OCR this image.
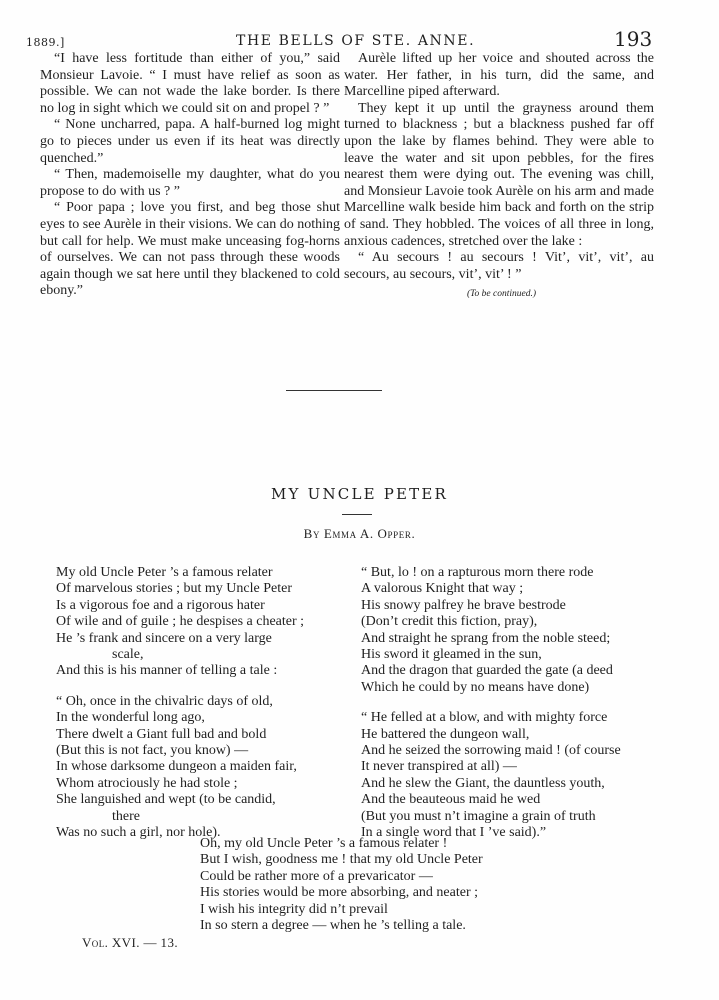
1889.]	THE BELLS OF STE. ANNE.	193

“I have less fortitude than either of you,” said Monsieur Lavoie. “ I must have relief as soon as possible. We can not wade the lake border. Is there no log in sight which we could sit on and propel ? ”

“ None uncharred, papa. A half-burned log might go to pieces under us even if its heat was directly quenched.”

“ Then, mademoiselle my daughter, what do you propose to do with us ? ”

“ Poor papa ; love you first, and beg those shut eyes to see Aurèle in their visions. We can do nothing but call for help. We must make unceasing fog-horns of ourselves. We can not pass through these woods again though we sat here until they blackened to cold ebony.”

Aurèle lifted up her voice and shouted across the water. Her father, in his turn, did the same, and Marcelline piped afterward.

They kept it up until the grayness around them turned to blackness ; but a blackness pushed far off upon the lake by flames behind. They were able to leave the water and sit upon pebbles, for the fires nearest them were dying out. The evening was chill, and Monsieur Lavoie took Aurèle on his arm and made Marcelline walk beside him back and forth on the strip of sand. They hobbled. The voices of all three in long, anxious cadences, stretched over the lake :

“ Au secours ! au secours ! Vit’, vit’, vit’, au secours, au secours, vit’, vit’ ! ”

(To be continued.)
MY UNCLE PETER
By Emma A. Opper.
My old Uncle Peter ’s a famous relater
Of marvelous stories ; but my Uncle Peter
Is a vigorous foe and a rigorous hater
Of wile and of guile ; he despises a cheater ;
He ’s frank and sincere on a very large
scale,
And this is his manner of telling a tale :
“ Oh, once in the chivalric days of old,
In the wonderful long ago,
There dwelt a Giant full bad and bold
(But this is not fact, you know) —
In whose darksome dungeon a maiden fair,
Whom atrociously he had stole ;
She languished and wept (to be candid,
there
Was no such a girl, nor hole).
“ But, lo ! on a rapturous morn there rode
A valorous Knight that way ;
His snowy palfrey he brave bestrode
(Don’t credit this fiction, pray),
And straight he sprang from the noble steed;
His sword it gleamed in the sun,
And the dragon that guarded the gate (a deed
Which he could by no means have done)
“ He felled at a blow, and with mighty force
He battered the dungeon wall,
And he seized the sorrowing maid ! (of course
It never transpired at all) —
And he slew the Giant, the dauntless youth,
And the beauteous maid he wed
(But you must n’t imagine a grain of truth
In a single word that I ’ve said).”
Oh, my old Uncle Peter ’s a famous relater !
But I wish, goodness me ! that my old Uncle Peter
Could be rather more of a prevaricator —
His stories would be more absorbing, and neater ;
I wish his integrity did n’t prevail
In so stern a degree — when he ’s telling a tale.
Vol. XVI. — 13.
